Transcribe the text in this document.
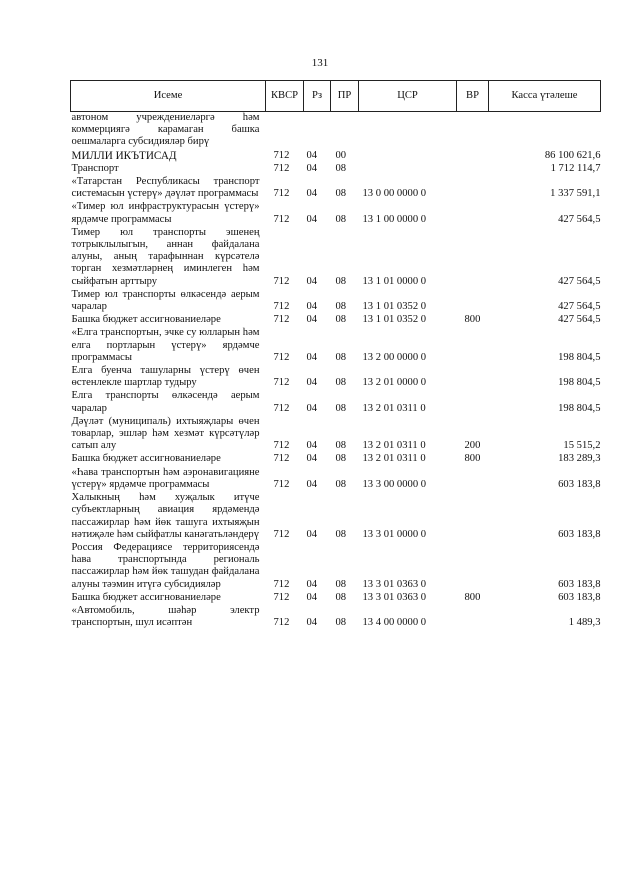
131
Исеме	КВСР	Рз	ПР	ЦСР	ВР	Касса үтәлеше
автоном учреждениеләргә һәм коммерциягә карамаган башка оешмаларга субсидияләр бирү						
МИЛЛИ ИКЪТИСАД	712	04	00			86 100 621,6
Транспорт	712	04	08			1 712 114,7
«Татарстан Республикасы транспорт системасын үстерү» дәүләт программасы	712	04	08	13 0 00 0000 0		1 337 591,1
«Тимер юл инфраструктурасын үстерү» ярдәмче программасы	712	04	08	13 1 00 0000 0		427 564,5
Тимер юл транспорты эшенең тотрыклылыгын, аннан файдалана алуны, аның тарафыннан күрсәтелә торган хезмәтләрнең иминлеген һәм сыйфатын арттыру	712	04	08	13 1 01 0000 0		427 564,5
Тимер юл транспорты өлкәсендә аерым чаралар	712	04	08	13 1 01 0352 0		427 564,5
Башка бюджет ассигнованиеләре	712	04	08	13 1 01 0352 0	800	427 564,5
«Елга транспортын, эчке су юлларын һәм елга портларын үстерү» ярдәмче программасы	712	04	08	13 2 00 0000 0		198 804,5
Елга буенча ташуларны үстерү өчен өстенлекле шартлар тудыру	712	04	08	13 2 01 0000 0		198 804,5
Елга транспорты өлкәсендә аерым чаралар	712	04	08	13 2 01 0311 0		198 804,5
Дәүләт (муниципаль) ихтыяҗлары өчен товарлар, эшләр һәм хезмәт күрсәтүләр сатып алу	712	04	08	13 2 01 0311 0	200	15 515,2
Башка бюджет ассигнованиеләре	712	04	08	13 2 01 0311 0	800	183 289,3
«Һава транспортын һәм аэронавигацияне үстерү» ярдәмче программасы	712	04	08	13 3 00 0000 0		603 183,8
Халыкның һәм хуҗалык итүче субъектларның авиация ярдәмендә пассажирлар һәм йөк ташуга ихтыяҗын нәтиҗәле һәм сыйфатлы канәгатьләндерү	712	04	08	13 3 01 0000 0		603 183,8
Россия Федерациясе территориясендә һава транспортында региональ пассажирлар һәм йөк ташудан файдалана алуны тәэмин итүгә субсидияләр	712	04	08	13 3 01 0363 0		603 183,8
Башка бюджет ассигнованиеләре	712	04	08	13 3 01 0363 0	800	603 183,8
«Автомобиль, шәһәр электр транспортын, шул исәптән	712	04	08	13 4 00 0000 0		1 489,3
